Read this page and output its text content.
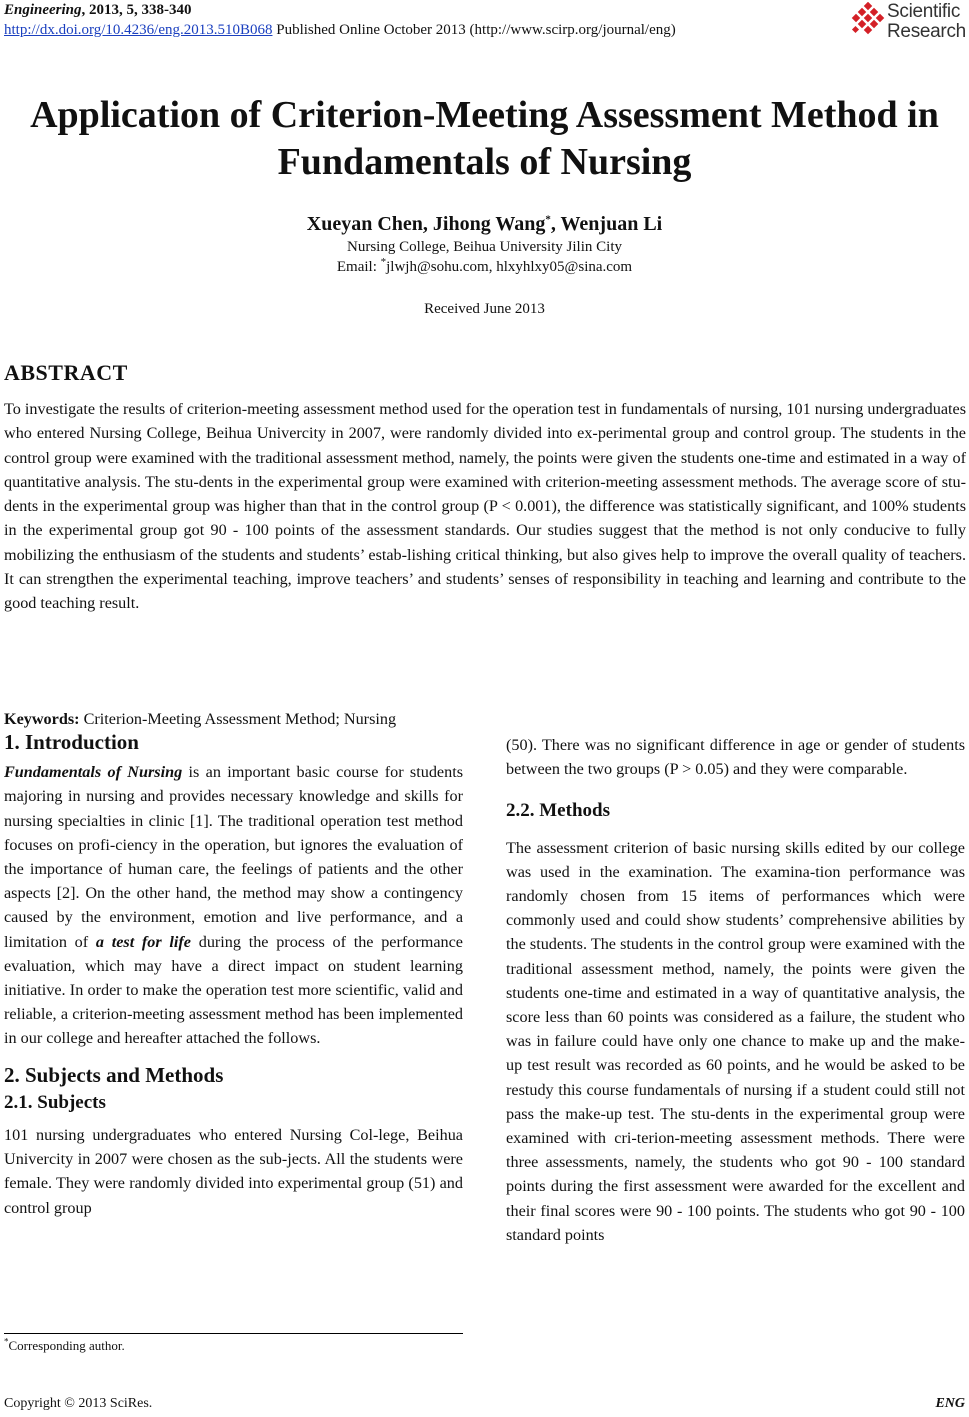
Engineering, 2013, 5, 338-340
http://dx.doi.org/10.4236/eng.2013.510B068 Published Online October 2013 (http://www.scirp.org/journal/eng)
Scientific
Research
Application of Criterion-Meeting Assessment Method in
Fundamentals of Nursing
Xueyan Chen, Jihong Wang*, Wenjuan Li
Nursing College, Beihua University Jilin City
Email: *jlwjh@sohu.com, hlxyhlxy05@sina.com
Received June 2013
ABSTRACT
To investigate the results of criterion-meeting assessment method used for the operation test in fundamentals of nursing, 101 nursing undergraduates who entered Nursing College, Beihua Univercity in 2007, were randomly divided into ex-perimental group and control group. The students in the control group were examined with the traditional assessment method, namely, the points were given the students one-time and estimated in a way of quantitative analysis. The stu-dents in the experimental group were examined with criterion-meeting assessment methods. The average score of stu-dents in the experimental group was higher than that in the control group (P < 0.001), the difference was statistically significant, and 100% students in the experimental group got 90 - 100 points of the assessment standards. Our studies suggest that the method is not only conducive to fully mobilizing the enthusiasm of the students and students’ estab-lishing critical thinking, but also gives help to improve the overall quality of teachers. It can strengthen the experimental teaching, improve teachers’ and students’ senses of responsibility in teaching and learning and contribute to the good teaching result.
Keywords: Criterion-Meeting Assessment Method; Nursing
1. Introduction

Fundamentals of Nursing is an important basic course for students majoring in nursing and provides necessary knowledge and skills for nursing specialties in clinic [1]. The traditional operation test method focuses on profi-ciency in the operation, but ignores the evaluation of the importance of human care, the feelings of patients and the other aspects [2]. On the other hand, the method may show a contingency caused by the environment, emotion and live performance, and a limitation of a test for life during the process of the performance evaluation, which may have a direct impact on student learning initiative. In order to make the operation test more scientific, valid and reliable, a criterion-meeting assessment method has been implemented in our college and hereafter attached the follows.

2. Subjects and Methods
2.1. Subjects

101 nursing undergraduates who entered Nursing Col-lege, Beihua Univercity in 2007 were chosen as the sub-jects. All the students were female. They were randomly divided into experimental group (51) and control group

(50). There was no significant difference in age or gender of students between the two groups (P > 0.05) and they were comparable.

2.2. Methods

The assessment criterion of basic nursing skills edited by our college was used in the examination. The examina-tion performance was randomly chosen from 15 items of performances which were commonly used and could show students’ comprehensive abilities by the students. The students in the control group were examined with the traditional assessment method, namely, the points were given the students one-time and estimated in a way of quantitative analysis, the score less than 60 points was considered as a failure, the student who was in failure could have only one chance to make up and the make-up test result was recorded as 60 points, and he would be asked to be restudy this course fundamentals of nursing if a student could still not pass the make-up test. The stu-dents in the experimental group were examined with cri-terion-meeting assessment methods. There were three assessments, namely, the students who got 90 - 100 standard points during the first assessment were awarded for the excellent and their final scores were 90 - 100 points. The students who got 90 - 100 standard points

*Corresponding author.
Copyright © 2013 SciRes.	ENG
